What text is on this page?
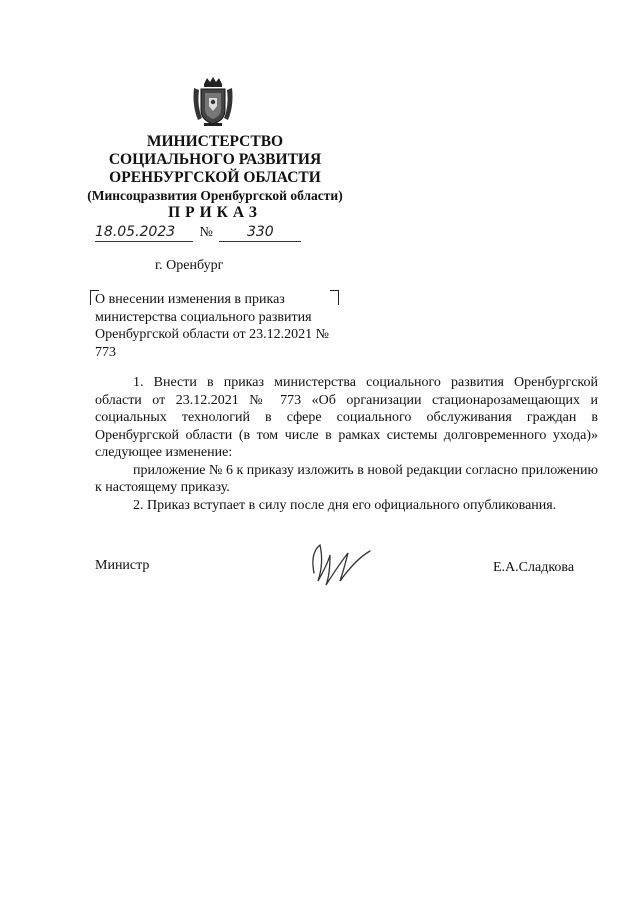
МИНИСТЕРСТВО
СОЦИАЛЬНОГО РАЗВИТИЯ
ОРЕНБУРГСКОЙ ОБЛАСТИ
(Минсоцразвития Оренбургской области)
ПРИКАЗ
18.05.2023 № 330
г. Оренбург
О внесении изменения в приказ министерства социального развития Оренбургской области от 23.12.2021 № 773

1. Внести в приказ министерства социального развития Оренбургской области от 23.12.2021 № 773 «Об организации стационарозамещающих и социальных технологий в сфере социального обслуживания граждан в Оренбургской области (в том числе в рамках системы долговременного ухода)» следующее изменение:

приложение № 6 к приказу изложить в новой редакции согласно приложению к настоящему приказу.

2. Приказ вступает в силу после дня его официального опубликования.

Министр	Е.А.Сладкова
